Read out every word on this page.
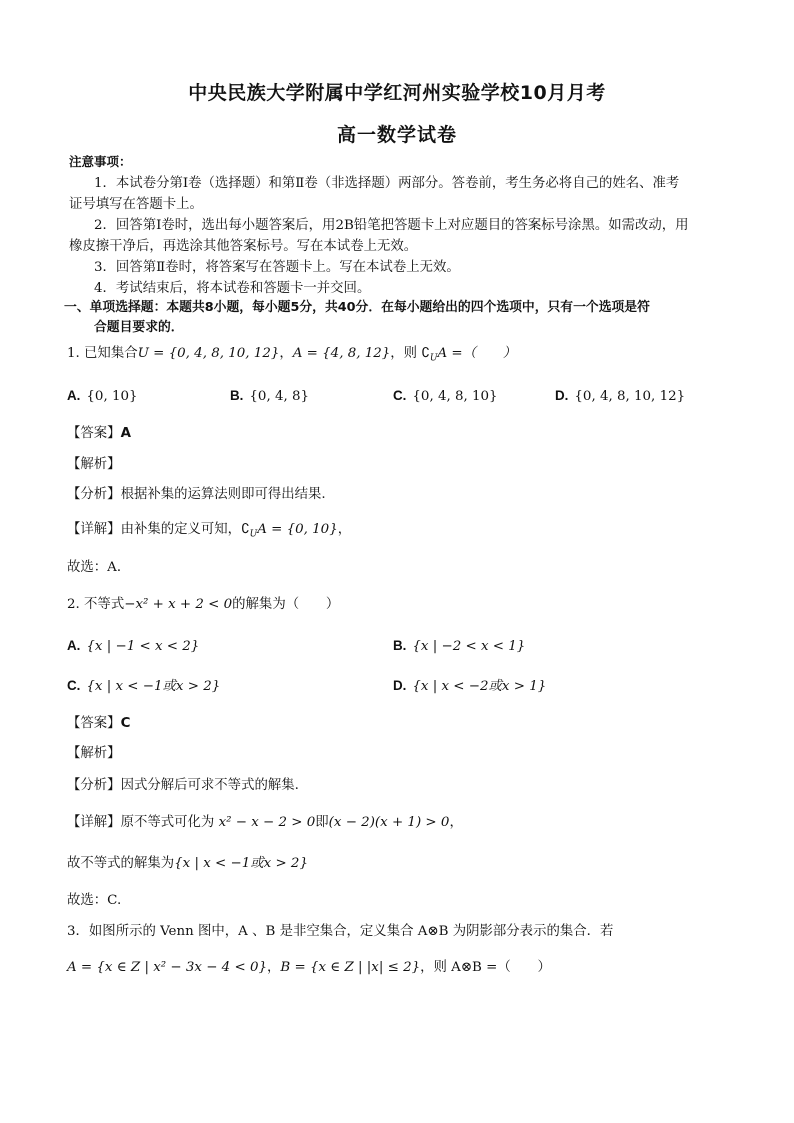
中央民族大学附属中学红河州实验学校10月月考
高一数学试卷
注意事项：
1．本试卷分第Ⅰ卷（选择题）和第Ⅱ卷（非选择题）两部分。答卷前，考生务必将自己的姓名、准考
证号填写在答题卡上。
2．回答第Ⅰ卷时，选出每小题答案后，用2B铅笔把答题卡上对应题目的答案标号涂黑。如需改动，用
橡皮擦干净后，再选涂其他答案标号。写在本试卷上无效。
3．回答第Ⅱ卷时，将答案写在答题卡上。写在本试卷上无效。
4．考试结束后，将本试卷和答题卡一并交回。
一、单项选择题：本题共8小题，每小题5分，共40分．在每小题给出的四个选项中，只有一个选项是符
合题目要求的．
1. 已知集合U = {0, 4, 8, 10, 12}，A = {4, 8, 12}，则 $∁_UA$ =（　　）
A. {0, 10}	B. {0, 4, 8}	C. {0, 4, 8, 10}	D. {0, 4, 8, 10, 12}
【答案】A
【解析】
【分析】根据补集的运算法则即可得出结果.
【详解】由补集的定义可知，$∁_UA = \{0$, 10}，
故选：A．
2. 不等式−x² + x + 2 < 0的解集为（　　）
A. {x | −1 < x < 2}	B. {x | −2 < x < 1}
C. {x | x < −1或x > 2}	D. {x | x < −2或x > 1}
【答案】C
【解析】
【分析】因式分解后可求不等式的解集.
【详解】原不等式可化为 x² − x − 2 > 0即(x − 2)(x + 1) > 0，
故不等式的解集为{x | x < −1或x > 2}
故选：C.
3．如图所示的 Venn 图中，A 、B 是非空集合，定义集合 A⊗B 为阴影部分表示的集合．若
A = {x ∈ Z | x² − 3x − 4 < 0}，B = {x ∈ Z | |x| ≤ 2}，则 A⊗B =（　　）
